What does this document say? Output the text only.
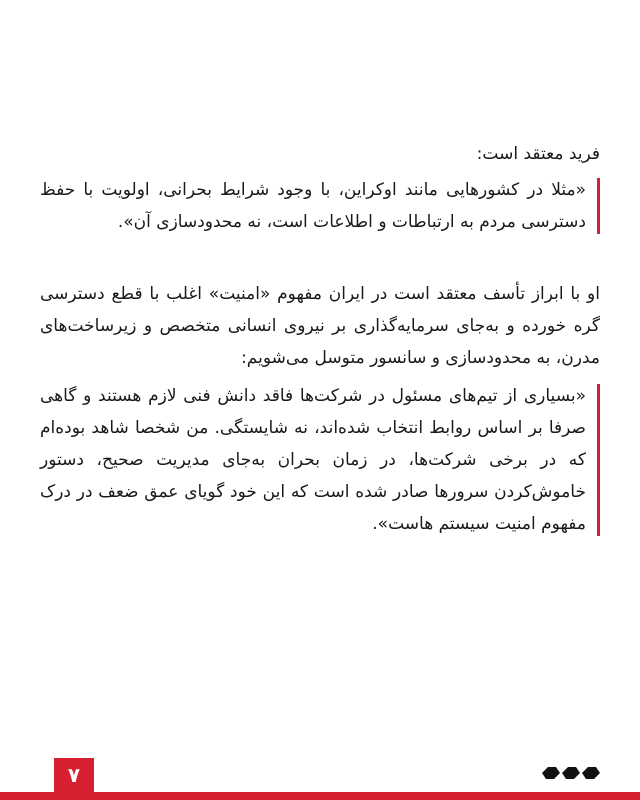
فرید معتقد است:

«مثلا در کشورهایی مانند اوکراین، با وجود شرایط بحرانی، اولویت با حفظ دسترسی مردم به ارتباطات و اطلاعات است، نه محدودسازی آن».

او با ابراز تأسف معتقد است در ایران مفهوم «امنیت» اغلب با قطع دسترسی گره خورده و به‌جای سرمایه‌گذاری بر نیروی انسانی متخصص و زیرساخت‌های مدرن، به محدودسازی و سانسور متوسل می‌شویم:

«بسیاری از تیم‌های مسئول در شرکت‌ها فاقد دانش فنی لازم هستند و گاهی صرفا بر اساس روابط انتخاب شده‌اند، نه شایستگی. من شخصا شاهد بوده‌ام که در برخی شرکت‌ها، در زمان بحران به‌جای مدیریت صحیح، دستور خاموش‌کردن سرورها صادر شده است که این خود گویای عمق ضعف در درک مفهوم امنیت سیستم هاست».

۷
